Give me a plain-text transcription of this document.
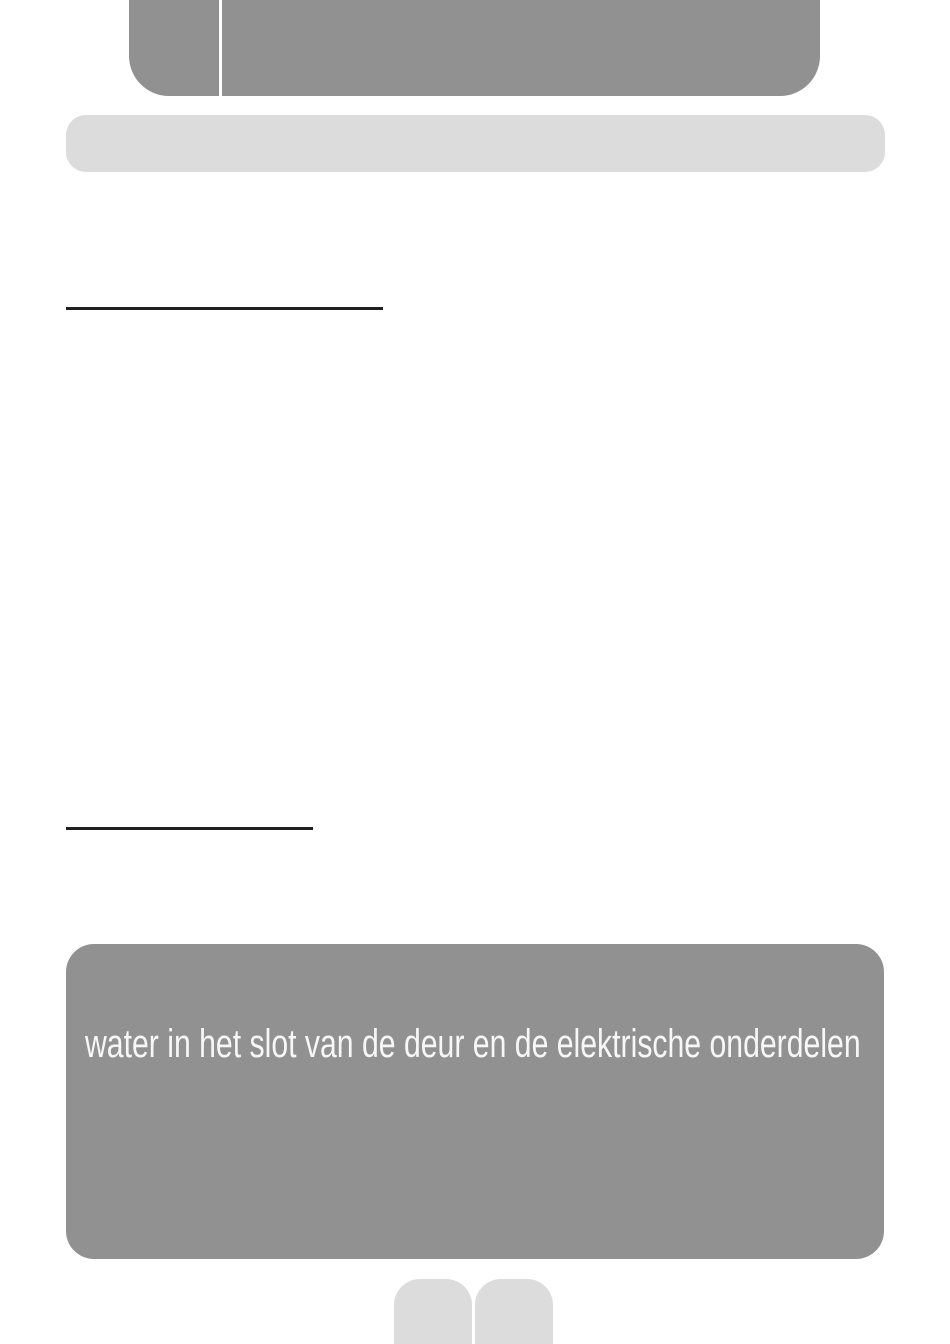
water in het slot van de deur en de elektrische onderdelen
